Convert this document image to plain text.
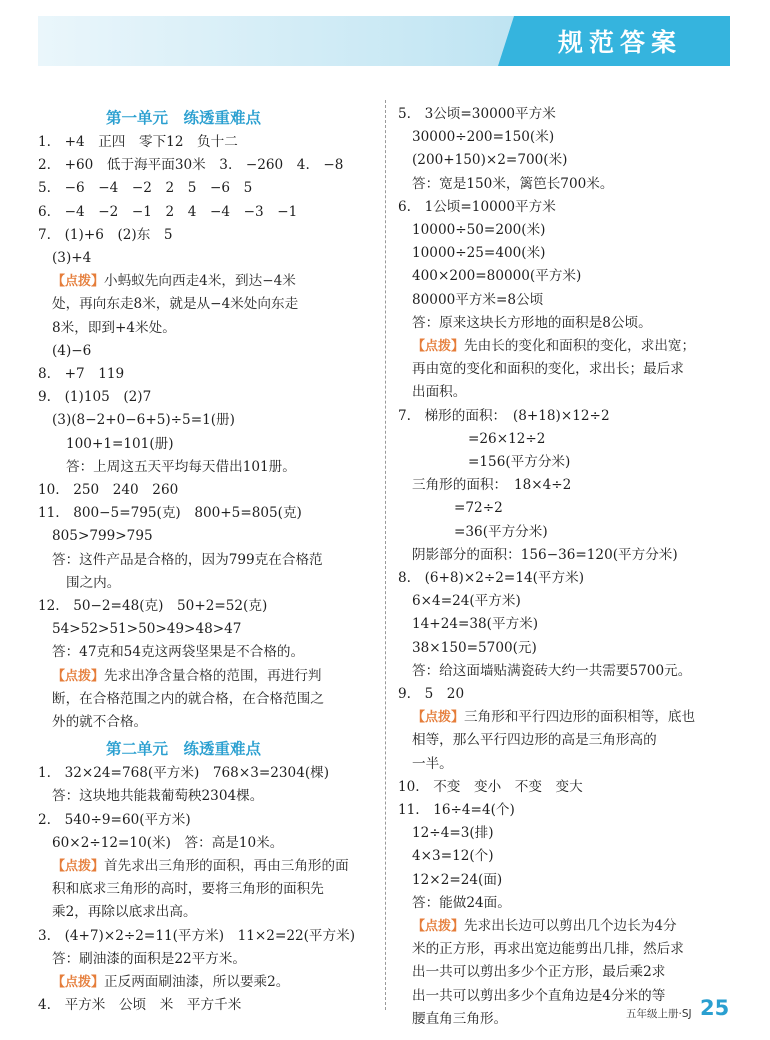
规范答案
五年级上册·SJ 25
第一单元　练透重难点
1.　+4　正四　零下12　负十二
2.　+60　低于海平面30米　3.　−260　4.　−8
5.　−6　−4　−2　2　5　−6　5
6.　−4　−2　−1　2　4　−4　−3　−1
7.　(1)+6　(2)东　5
(3)+4
【点拨】小蚂蚁先向西走4米，到达−4米
处，再向东走8米，就是从−4米处向东走
8米，即到+4米处。
(4)−6
8.　+7　119
9.　(1)105　(2)7
(3)(8−2+0−6+5)÷5=1(册)
100+1=101(册)
答：上周这五天平均每天借出101册。
10.　250　240　260
11.　800−5=795(克)　800+5=805(克)
805>799>795
答：这件产品是合格的，因为799克在合格范
围之内。
12.　50−2=48(克)　50+2=52(克)
54>52>51>50>49>48>47
答：47克和54克这两袋坚果是不合格的。
【点拨】先求出净含量合格的范围，再进行判
断，在合格范围之内的就合格，在合格范围之
外的就不合格。
第二单元　练透重难点
1.　32×24=768(平方米)　768×3=2304(棵)
答：这块地共能栽葡萄秧2304棵。
2.　540÷9=60(平方米)
60×2÷12=10(米)　答：高是10米。
【点拨】首先求出三角形的面积，再由三角形的面
积和底求三角形的高时，要将三角形的面积先
乘2，再除以底求出高。
3.　(4+7)×2÷2=11(平方米)　11×2=22(平方米)
答：刷油漆的面积是22平方米。
【点拨】正反两面刷油漆，所以要乘2。
4.　平方米　公顷　米　平方千米
5.　3公顷=30000平方米
30000÷200=150(米)
(200+150)×2=700(米)
答：宽是150米，篱笆长700米。
6.　1公顷=10000平方米
10000÷50=200(米)
10000÷25=400(米)
400×200=80000(平方米)
80000平方米=8公顷
答：原来这块长方形地的面积是8公顷。
【点拨】先由长的变化和面积的变化，求出宽；
再由宽的变化和面积的变化，求出长；最后求
出面积。
7.　梯形的面积：　(8+18)×12÷2
=26×12÷2
=156(平方分米)
三角形的面积：　18×4÷2
=72÷2
=36(平方分米)
阴影部分的面积：156−36=120(平方分米)
8.　(6+8)×2÷2=14(平方米)
6×4=24(平方米)
14+24=38(平方米)
38×150=5700(元)
答：给这面墙贴满瓷砖大约一共需要5700元。
9.　5　20
【点拨】三角形和平行四边形的面积相等，底也
相等，那么平行四边形的高是三角形高的
一半。
10.　不变　变小　不变　变大
11.　16÷4=4(个)
12÷4=3(排)
4×3=12(个)
12×2=24(面)
答：能做24面。
【点拨】先求出长边可以剪出几个边长为4分
米的正方形，再求出宽边能剪出几排，然后求
出一共可以剪出多少个正方形，最后乘2求
出一共可以剪出多少个直角边是4分米的等
腰直角三角形。
